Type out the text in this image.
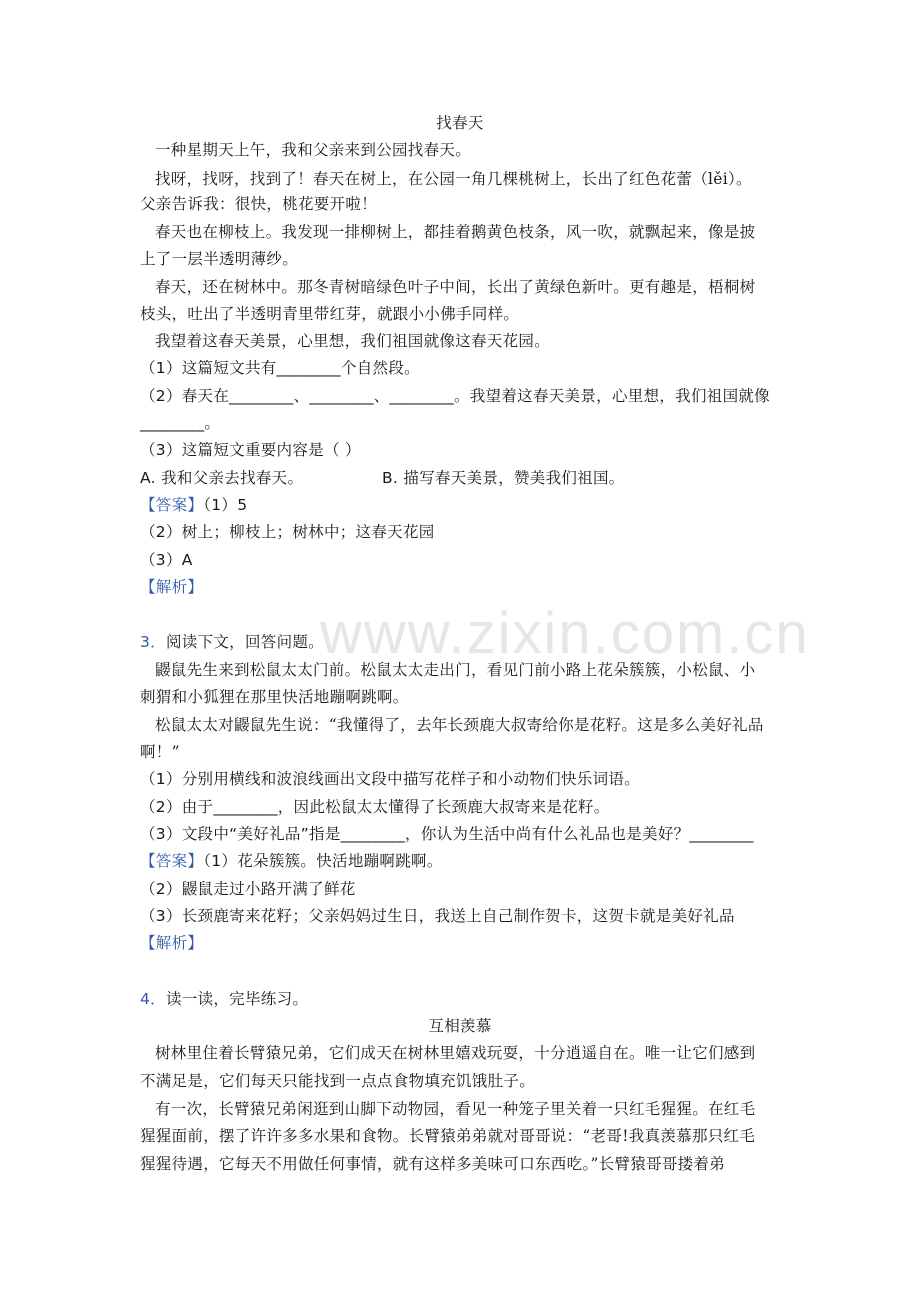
www.zixin.com.cn
找春天
一种星期天上午，我和父亲来到公园找春天。
找呀，找呀，找到了！春天在树上，在公园一角几棵桃树上，长出了红色花蕾（lěi）。
父亲告诉我：很快，桃花要开啦！
春天也在柳枝上。我发现一排柳树上，都挂着鹅黄色枝条，风一吹，就飘起来，像是披
上了一层半透明薄纱。
春天，还在树林中。那冬青树暗绿色叶子中间，长出了黄绿色新叶。更有趣是，梧桐树
枝头，吐出了半透明青里带红芽，就跟小小佛手同样。
我望着这春天美景，心里想，我们祖国就像这春天花园。
（1）这篇短文共有________个自然段。
（2）春天在________、________、________。我望着这春天美景，心里想，我们祖国就像
________。
（3）这篇短文重要内容是（ ）
A. 我和父亲去找春天。	B. 描写春天美景，赞美我们祖国。
【答案】（1）5
（2）树上；柳枝上；树林中；这春天花园
（3）A
【解析】
3．阅读下文，回答问题。
鼹鼠先生来到松鼠太太门前。松鼠太太走出门，看见门前小路上花朵簇簇，小松鼠、小
刺猬和小狐狸在那里快活地蹦啊跳啊。
松鼠太太对鼹鼠先生说：“我懂得了，去年长颈鹿大叔寄给你是花籽。这是多么美好礼品
啊！”
（1）分别用横线和波浪线画出文段中描写花样子和小动物们快乐词语。
（2）由于________，因此松鼠太太懂得了长颈鹿大叔寄来是花籽。
（3）文段中“美好礼品”指是________，你认为生活中尚有什么礼品也是美好？________
【答案】（1）花朵簇簇。快活地蹦啊跳啊。
（2）鼹鼠走过小路开满了鲜花
（3）长颈鹿寄来花籽；父亲妈妈过生日，我送上自己制作贺卡，这贺卡就是美好礼品
【解析】
4．读一读，完毕练习。
互相羡慕
树林里住着长臂猿兄弟，它们成天在树林里嬉戏玩耍，十分逍遥自在。唯一让它们感到
不满足是，它们每天只能找到一点点食物填充饥饿肚子。
有一次，长臂猿兄弟闲逛到山脚下动物园，看见一种笼子里关着一只红毛猩猩。在红毛
猩猩面前，摆了许许多多水果和食物。长臂猿弟弟就对哥哥说：“老哥!我真羡慕那只红毛
猩猩待遇，它每天不用做任何事情，就有这样多美味可口东西吃。”长臂猿哥哥搂着弟
